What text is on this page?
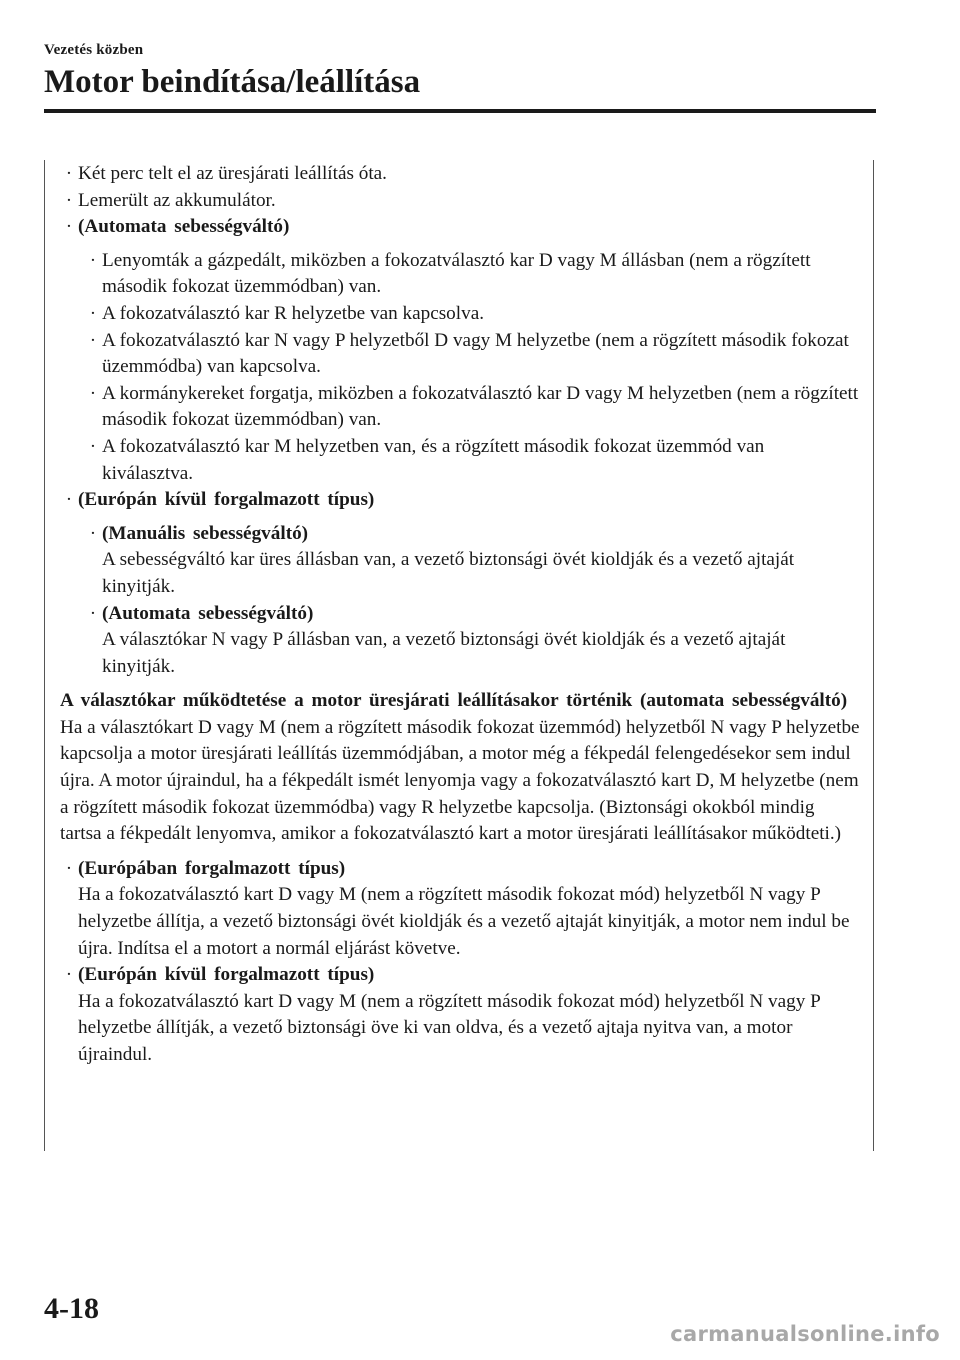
Vezetés közben
Motor beindítása/leállítása
· Két perc telt el az üresjárati leállítás óta.

· Lemerült az akkumulátor.

· (Automata sebességváltó)

· Lenyomták a gázpedált, miközben a fokozatválasztó kar D vagy M állásban (nem a rögzített második fokozat üzemmódban) van.

· A fokozatválasztó kar R helyzetbe van kapcsolva.

· A fokozatválasztó kar N vagy P helyzetből D vagy M helyzetbe (nem a rögzített második fokozat üzemmódba) van kapcsolva.

· A kormánykereket forgatja, miközben a fokozatválasztó kar D vagy M helyzetben (nem a rögzített második fokozat üzemmódban) van.

· A fokozatválasztó kar M helyzetben van, és a rögzített második fokozat üzemmód van kiválasztva.

· (Európán kívül forgalmazott típus)

· (Manuális sebességváltó)

A sebességváltó kar üres állásban van, a vezető biztonsági övét kioldják és a vezető ajtaját kinyitják.

· (Automata sebességváltó)

A választókar N vagy P állásban van, a vezető biztonsági övét kioldják és a vezető ajtaját kinyitják.

A választókar működtetése a motor üresjárati leállításakor történik (automata sebességváltó)

Ha a választókart D vagy M (nem a rögzített második fokozat üzemmód) helyzetből N vagy P helyzetbe kapcsolja a motor üresjárati leállítás üzemmódjában, a motor még a fékpedál felengedésekor sem indul újra. A motor újraindul, ha a fékpedált ismét lenyomja vagy a fokozatválasztó kart D, M helyzetbe (nem a rögzített második fokozat üzemmódba) vagy R helyzetbe kapcsolja. (Biztonsági okokból mindig tartsa a fékpedált lenyomva, amikor a fokozatválasztó kart a motor üresjárati leállításakor működteti.)

· (Európában forgalmazott típus)

Ha a fokozatválasztó kart D vagy M (nem a rögzített második fokozat mód) helyzetből N vagy P helyzetbe állítja, a vezető biztonsági övét kioldják és a vezető ajtaját kinyitják, a motor nem indul be újra. Indítsa el a motort a normál eljárást követve.

· (Európán kívül forgalmazott típus)

Ha a fokozatválasztó kart D vagy M (nem a rögzített második fokozat mód) helyzetből N vagy P helyzetbe állítják, a vezető biztonsági öve ki van oldva, és a vezető ajtaja nyitva van, a motor újraindul.

4-18
carmanualsonline.info
